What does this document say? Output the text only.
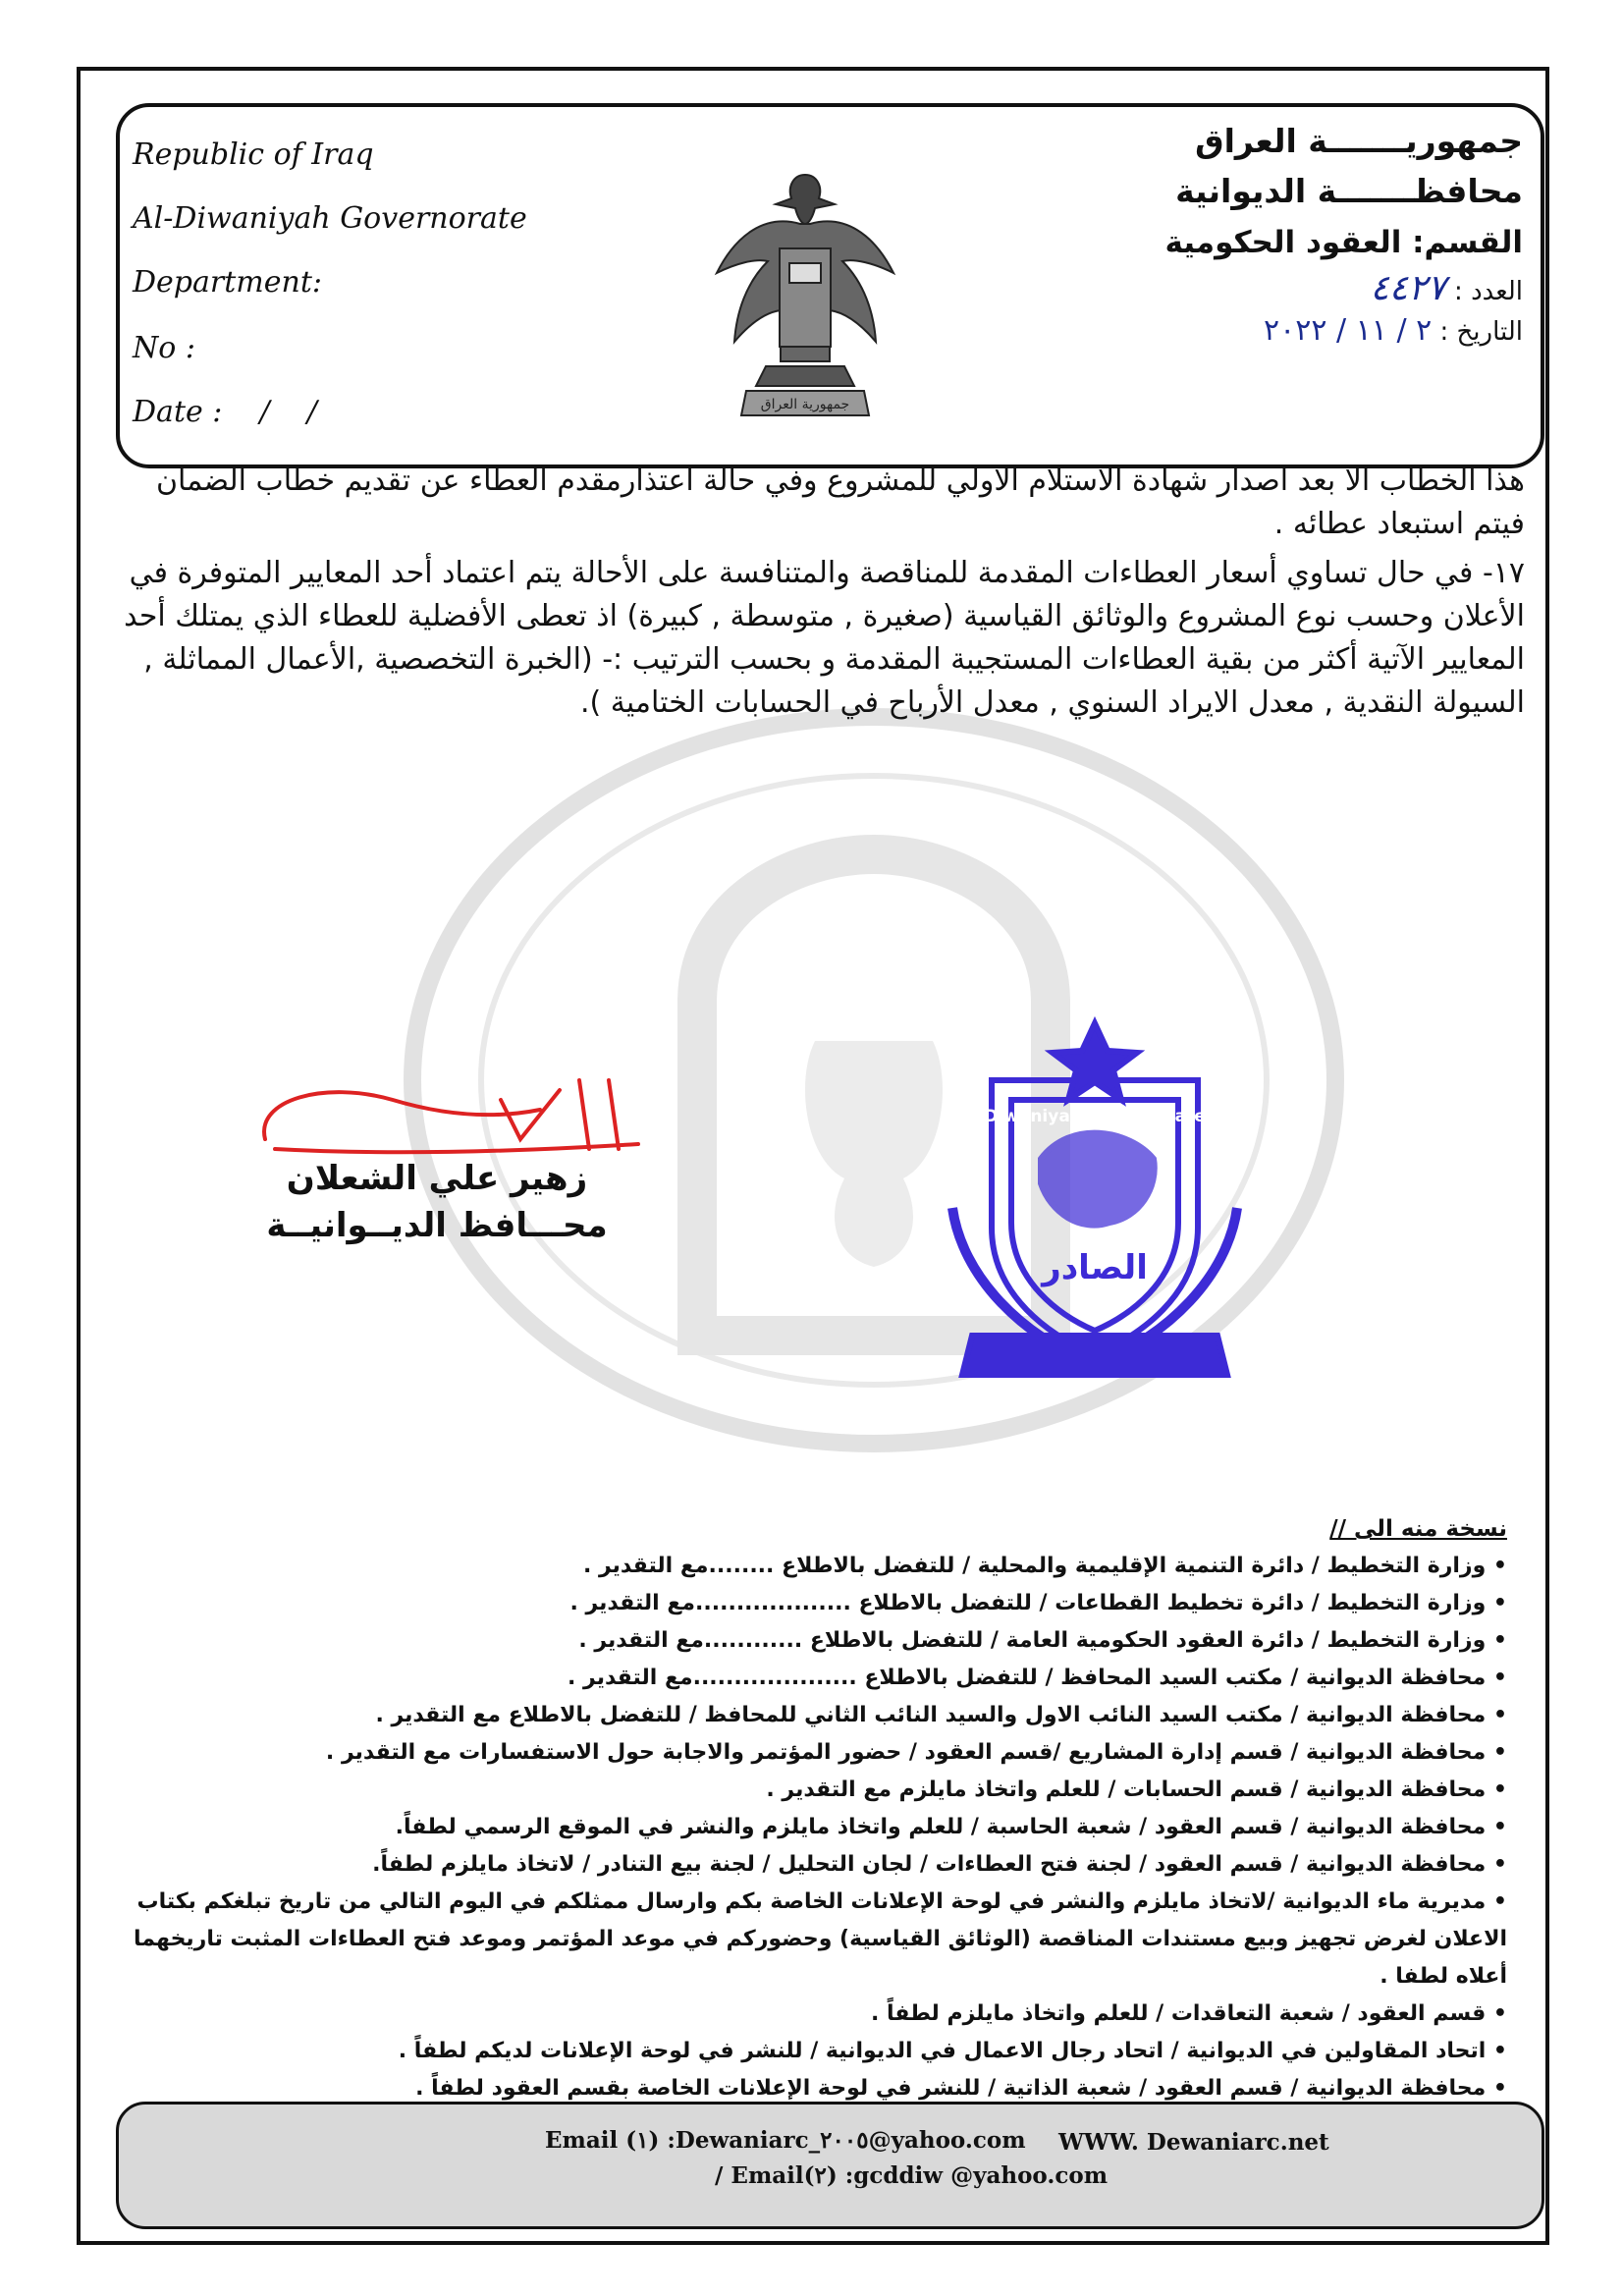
Republic of Iraq
Al-Diwaniyah Governorate
Department:
No :
Date :    /    /	جمهورية العراق
جمهوريـــــــة العراق
محافظـــــــة الديوانية
القسم: العقود الحكومية
العدد : ٤٤٢٧
التاريخ : ٢ / ١١ / ٢٠٢٢

هذا الخطاب الا بعد اصدار شهادة الاستلام الاولي للمشروع وفي حالة اعتذارمقدم العطاء عن تقديم خطاب الضمان فيتم استبعاد عطائه .

١٧- في حال تساوي أسعار العطاءات المقدمة للمناقصة والمتنافسة على الأحالة يتم اعتماد أحد المعايير المتوفرة في الأعلان وحسب نوع المشروع والوثائق القياسية (صغيرة , متوسطة , كبيرة) اذ تعطى الأفضلية للعطاء الذي يمتلك أحد المعايير الآتية أكثر من بقية العطاءات المستجيبة المقدمة و بحسب الترتيب :- (الخبرة التخصصية ,الأعمال المماثلة , السيولة النقدية , معدل الايراد السنوي , معدل الأرباح في الحسابات الختامية ).

زهير علي الشعلان
محـــافظ الديــوانيــة
Diwaniyah Governorate
الصادر
نسخة منه الى //
• وزارة التخطيط / دائرة التنمية الإقليمية والمحلية / للتفضل بالاطلاع ........مع التقدير .
• وزارة التخطيط / دائرة تخطيط القطاعات / للتفضل بالاطلاع ...................مع التقدير .
• وزارة التخطيط / دائرة العقود الحكومية العامة / للتفضل بالاطلاع ............مع التقدير .
• محافظة الديوانية / مكتب السيد المحافظ / للتفضل بالاطلاع ....................مع التقدير .
• محافظة الديوانية / مكتب السيد النائب الاول والسيد النائب الثاني للمحافظ / للتفضل بالاطلاع مع التقدير .
• محافظة الديوانية / قسم إدارة المشاريع /قسم العقود / حضور المؤتمر والاجابة حول الاستفسارات مع التقدير .
• محافظة الديوانية / قسم الحسابات / للعلم واتخاذ مايلزم مع التقدير .
• محافظة الديوانية / قسم العقود / شعبة الحاسبة / للعلم واتخاذ مايلزم والنشر في الموقع الرسمي لطفاً.
• محافظة الديوانية / قسم العقود / لجنة فتح العطاءات / لجان التحليل / لجنة بيع التنادر / لاتخاذ مايلزم لطفاً.
• مديرية ماء الديوانية /لاتخاذ مايلزم والنشر في لوحة الإعلانات الخاصة بكم وارسال ممثلكم في اليوم التالي من تاريخ تبلغكم بكتاب الاعلان لغرض تجهيز وبيع مستندات المناقصة (الوثائق القياسية) وحضوركم في موعد المؤتمر وموعد فتح العطاءات المثبت تاريخهما أعلاه لطفا .
• قسم العقود / شعبة التعاقدات / للعلم واتخاذ مايلزم لطفاً .
• اتحاد المقاولين في الديوانية / اتحاد رجال الاعمال في الديوانية / للنشر في لوحة الإعلانات لديكم لطفاً .
• محافظة الديوانية / قسم العقود / شعبة الذاتية / للنشر في لوحة الإعلانات الخاصة بقسم العقود لطفاً .
Email (١) :Dewaniarc_٢٠٠٥@yahoo.com WWW. Dewaniarc.net
/ Email(٢) :gcddiw @yahoo.com
